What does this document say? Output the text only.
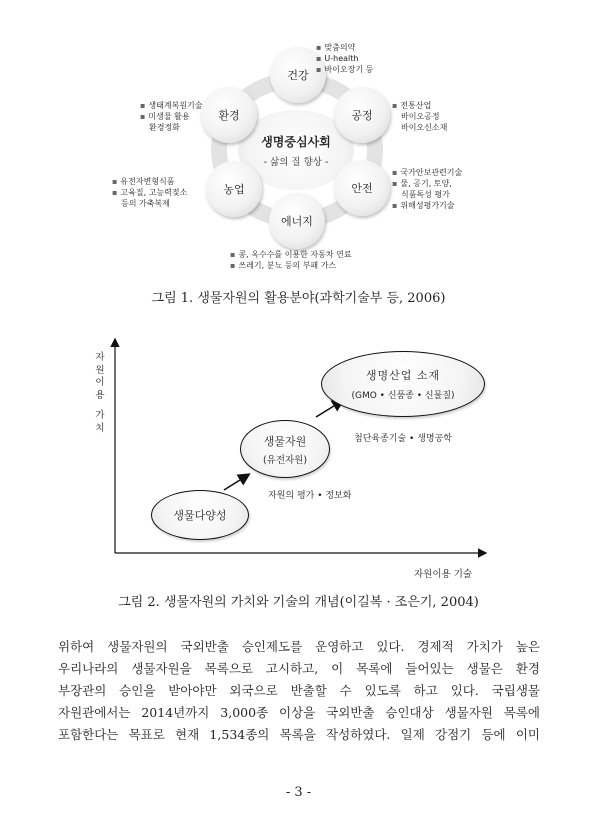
생명중심사회
- 삶의 질 향상 -
건강
공정
안전
에너지
농업
환경
▪ 맞춤의약
▪ U-health
▪ 바이오장기 등
▪ 전통산업
바이오공정
바이오신소재
▪ 국가안보관련기술
▪ 물, 공기, 토양,
식품독성 평가
▪ 위해성평가기술
▪ 콩, 옥수수를 이용한 자동차 연료
▪ 쓰레기, 분뇨 등의 부패 가스
▪ 유전자변형식품
▪ 고육질, 고능력젖소
등의 가축복제
▪ 생태계복원기술
▪ 미생물 활용
환경정화
그림 1. 생물자원의 활용분야(과학기술부 등, 2006)
자
원
이
용
가
치
자원이용 기술
생물다양성
생물자원
(유전자원)
생명산업 소재
(GMO • 신품종 • 신물질)
자원의 평가 • 정보화
첨단육종기술 • 생명공학
그림 2. 생물자원의 가치와 기술의 개념(이길복 · 조은기, 2004)
위하여 생물자원의 국외반출 승인제도를 운영하고 있다. 경제적 가치가 높은
우리나라의 생물자원을 목록으로 고시하고, 이 목록에 들어있는 생물은 환경
부장관의 승인을 받아야만 외국으로 반출할 수 있도록 하고 있다. 국립생물
자원관에서는 2014년까지 3,000종 이상을 국외반출 승인대상 생물자원 목록에
포함한다는 목표로 현재 1,534종의 목록을 작성하였다. 일제 강점기 등에 이미
- 3 -
